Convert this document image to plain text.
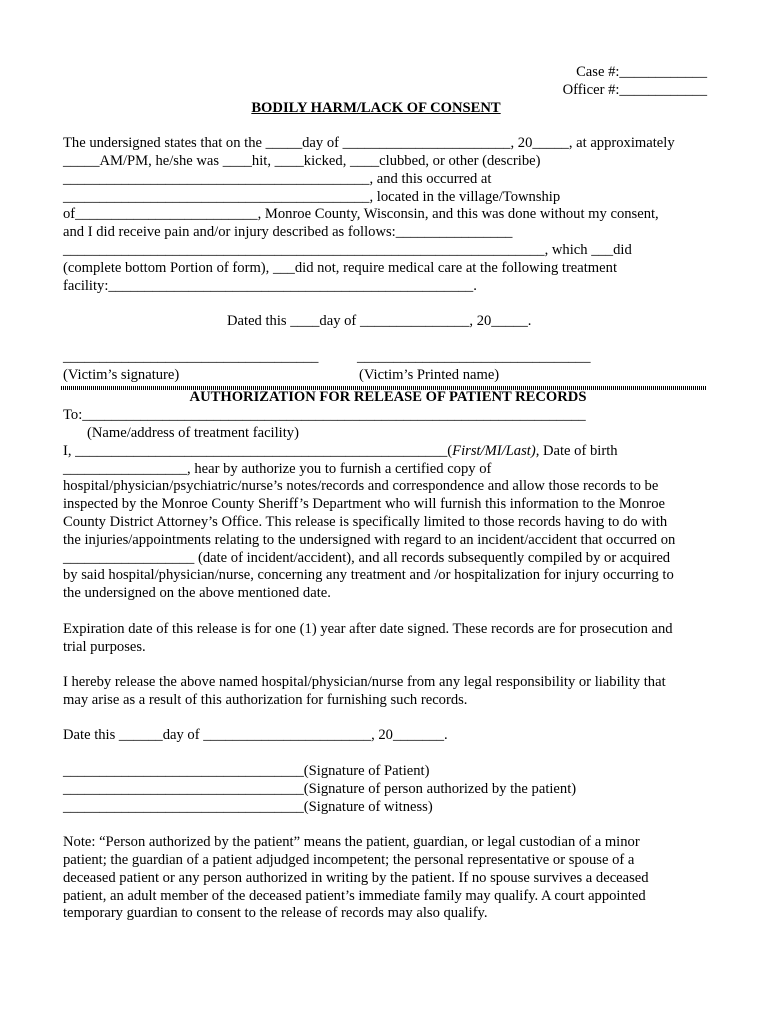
Case #:____________
Officer #:____________
BODILY HARM/LACK OF CONSENT
The undersigned states that on the _____day of _______________________, 20_____, at approximately
_____AM/PM, he/she was ____hit, ____kicked, ____clubbed, or other (describe)
__________________________________________, and this occurred at
__________________________________________, located in the village/Township
of_________________________, Monroe County, Wisconsin, and this was done without my consent,
and I did receive pain and/or injury described as follows:________________
__________________________________________________________________, which ___did
(complete bottom Portion of form), ___did not, require medical care at the following treatment
facility:__________________________________________________.
Dated this ____day of _______________, 20_____.
___________________________________	________________________________
(Victim’s signature)	(Victim’s Printed name)
AUTHORIZATION FOR RELEASE OF PATIENT RECORDS
To:_____________________________________________________________________
(Name/address of treatment facility)
I, ___________________________________________________(First/MI/Last), Date of birth
_________________, hear by authorize you to furnish a certified copy of
hospital/physician/psychiatric/nurse’s notes/records and correspondence and allow those records to be
inspected by the Monroe County Sheriff’s Department who will furnish this information to the Monroe
County District Attorney’s Office. This release is specifically limited to those records having to do with
the injuries/appointments relating to the undersigned with regard to an incident/accident that occurred on
__________________ (date of incident/accident), and all records subsequently compiled by or acquired
by said hospital/physician/nurse, concerning any treatment and /or hospitalization for injury occurring to
the undersigned on the above mentioned date.
Expiration date of this release is for one (1) year after date signed. These records are for prosecution and
trial purposes.
I hereby release the above named hospital/physician/nurse from any legal responsibility or liability that
may arise as a result of this authorization for furnishing such records.
Date this ______day of _______________________, 20_______.
_________________________________(Signature of Patient)
_________________________________(Signature of person authorized by the patient)
_________________________________(Signature of witness)
Note: “Person authorized by the patient” means the patient, guardian, or legal custodian of a minor
patient; the guardian of a patient adjudged incompetent; the personal representative or spouse of a
deceased patient or any person authorized in writing by the patient. If no spouse survives a deceased
patient, an adult member of the deceased patient’s immediate family may qualify. A court appointed
temporary guardian to consent to the release of records may also qualify.
